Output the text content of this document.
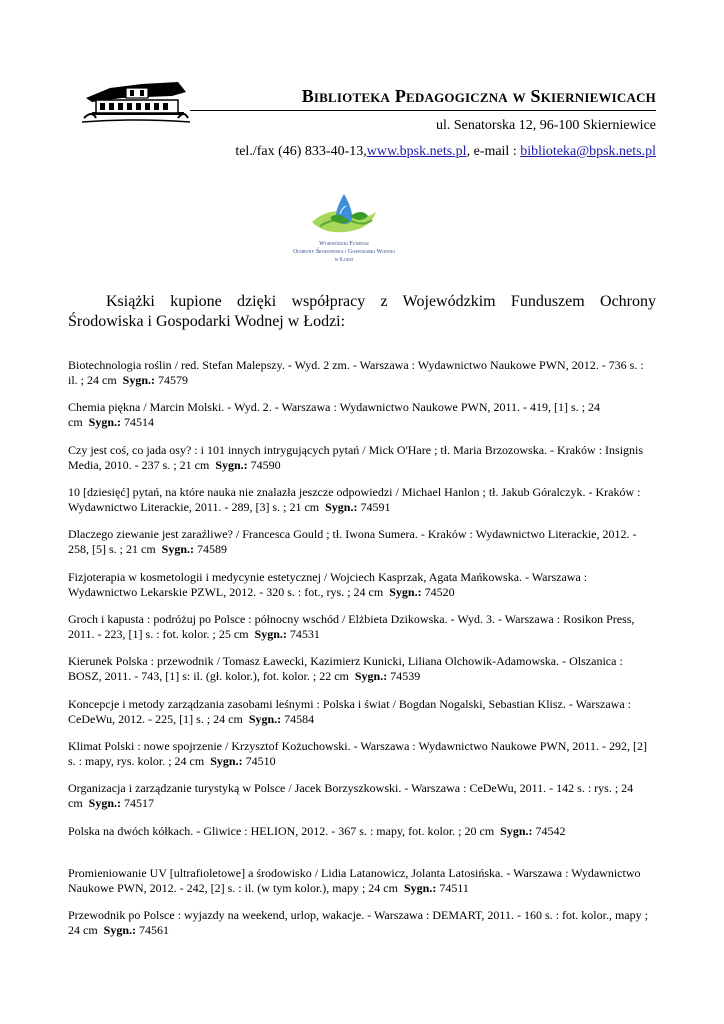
Biblioteka Pedagogiczna w Skierniewicach
ul. Senatorska 12, 96-100 Skierniewice
tel./fax (46) 833-40-13,www.bpsk.nets.pl, e-mail : biblioteka@bpsk.nets.pl
Wojewódzki Fundusz
Ochrony Środowiska i Gospodarki Wodnej
w Łodzi
Książki kupione dzięki współpracy z Wojewódzkim Funduszem Ochrony Środowiska i Gospodarki Wodnej w Łodzi:
Biotechnologia roślin / red. Stefan Malepszy. - Wyd. 2 zm. - Warszawa : Wydawnictwo Naukowe PWN, 2012. - 736 s. : il. ; 24 cm Sygn.: 74579
Chemia piękna / Marcin Molski. - Wyd. 2. - Warszawa : Wydawnictwo Naukowe PWN, 2011. - 419, [1] s. ; 24 cm Sygn.: 74514
Czy jest coś, co jada osy? : i 101 innych intrygujących pytań / Mick O'Hare ; tł. Maria Brzozowska. - Kraków : Insignis Media, 2010. - 237 s. ; 21 cm Sygn.: 74590
10 [dziesięć] pytań, na które nauka nie znalazła jeszcze odpowiedzi / Michael Hanlon ; tł. Jakub Góralczyk. - Kraków : Wydawnictwo Literackie, 2011. - 289, [3] s. ; 21 cm Sygn.: 74591
Dlaczego ziewanie jest zaraźliwe? / Francesca Gould ; tł. Iwona Sumera. - Kraków : Wydawnictwo Literackie, 2012. - 258, [5] s. ; 21 cm Sygn.: 74589
Fizjoterapia w kosmetologii i medycynie estetycznej / Wojciech Kasprzak, Agata Mańkowska. - Warszawa : Wydawnictwo Lekarskie PZWL, 2012. - 320 s. : fot., rys. ; 24 cm Sygn.: 74520
Groch i kapusta : podróżuj po Polsce : północny wschód / Elżbieta Dzikowska. - Wyd. 3. - Warszawa : Rosikon Press, 2011. - 223, [1] s. : fot. kolor. ; 25 cm Sygn.: 74531
Kierunek Polska : przewodnik / Tomasz Ławecki, Kazimierz Kunicki, Liliana Olchowik-Adamowska. - Olszanica : BOSZ, 2011. - 743, [1] s: il. (gł. kolor.), fot. kolor. ; 22 cm Sygn.: 74539
Koncepcje i metody zarządzania zasobami leśnymi : Polska i świat / Bogdan Nogalski, Sebastian Klisz. - Warszawa : CeDeWu, 2012. - 225, [1] s. ; 24 cm Sygn.: 74584
Klimat Polski : nowe spojrzenie / Krzysztof Kożuchowski. - Warszawa : Wydawnictwo Naukowe PWN, 2011. - 292, [2] s. : mapy, rys. kolor. ; 24 cm Sygn.: 74510
Organizacja i zarządzanie turystyką w Polsce / Jacek Borzyszkowski. - Warszawa : CeDeWu, 2011. - 142 s. : rys. ; 24 cm Sygn.: 74517
Polska na dwóch kółkach. - Gliwice : HELION, 2012. - 367 s. : mapy, fot. kolor. ; 20 cm Sygn.: 74542
Promieniowanie UV [ultrafioletowe] a środowisko / Lidia Latanowicz, Jolanta Latosińska. - Warszawa : Wydawnictwo Naukowe PWN, 2012. - 242, [2] s. : il. (w tym kolor.), mapy ; 24 cm Sygn.: 74511
Przewodnik po Polsce : wyjazdy na weekend, urlop, wakacje. - Warszawa : DEMART, 2011. - 160 s. : fot. kolor., mapy ; 24 cm Sygn.: 74561
